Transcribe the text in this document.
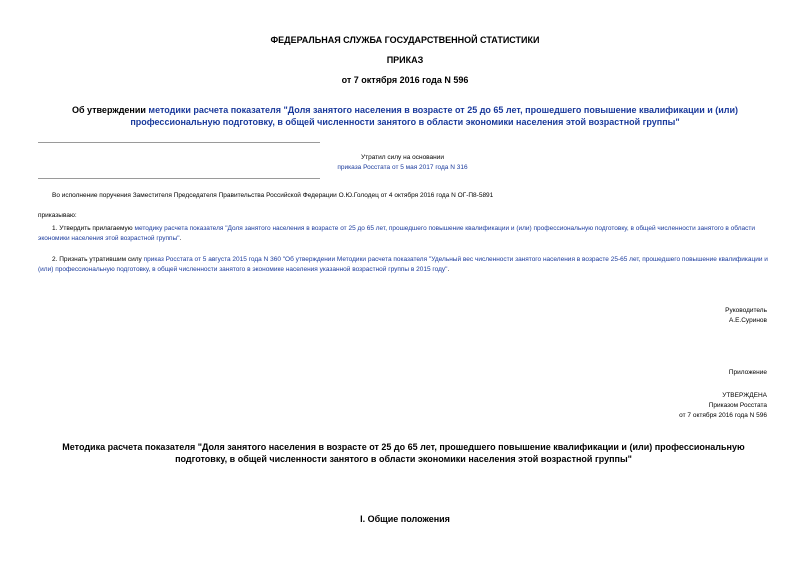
ФЕДЕРАЛЬНАЯ СЛУЖБА ГОСУДАРСТВЕННОЙ СТАТИСТИКИ
ПРИКАЗ
от 7 октября 2016 года N 596
Об утверждении методики расчета показателя "Доля занятого населения в возрасте от 25 до 65 лет, прошедшего повышение квалификации и (или) профессиональную подготовку, в общей численности занятого в области экономики населения этой возрастной группы"
Утратил силу на основании
приказа Росстата от 5 мая 2017 года N 316
Во исполнение поручения Заместителя Председателя Правительства Российской Федерации О.Ю.Голодец от 4 октября 2016 года N ОГ-П8-5891
приказываю:
1. Утвердить прилагаемую методику расчета показателя "Доля занятого населения в возрасте от 25 до 65 лет, прошедшего повышение квалификации и (или) профессиональную подготовку, в общей численности занятого в области экономики населения этой возрастной группы".
2. Признать утратившим силу приказ Росстата от 5 августа 2015 года N 360 "Об утверждении Методики расчета показателя "Удельный вес численности занятого населения в возрасте 25-65 лет, прошедшего повышение квалификации и (или) профессиональную подготовку, в общей численности занятого в экономике населения указанной возрастной группы в 2015 году".
Руководитель
А.Е.Суринов
Приложение
УТВЕРЖДЕНА
Приказом Росстата
от 7 октября 2016 года N 596
Методика расчета показателя "Доля занятого населения в возрасте от 25 до 65 лет, прошедшего повышение квалификации и (или) профессиональную подготовку, в общей численности занятого в области экономики населения этой возрастной группы"
I. Общие положения
